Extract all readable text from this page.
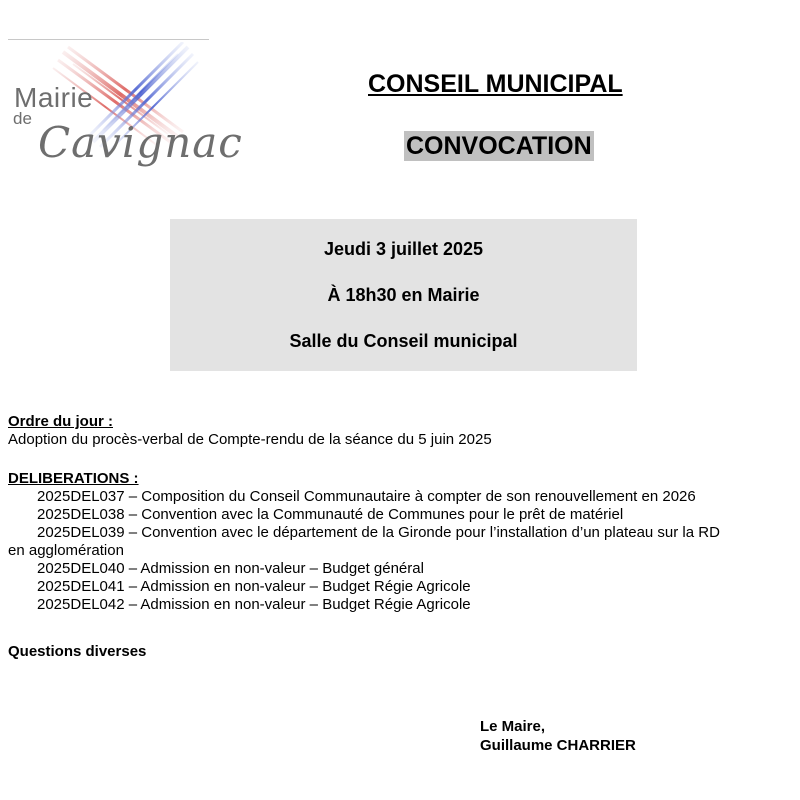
Mairie
de Cavignac
CONSEIL MUNICIPAL
CONVOCATION
Jeudi 3 juillet 2025
À 18h30 en Mairie
Salle du Conseil municipal
Ordre du jour :
Adoption du procès-verbal de Compte-rendu de la séance du 5 juin 2025
DELIBERATIONS :
2025DEL037 – Composition du Conseil Communautaire à compter de son renouvellement en 2026
2025DEL038 – Convention avec la Communauté de Communes pour le prêt de matériel
2025DEL039 – Convention avec le département de la Gironde pour l’installation d’un plateau sur la RD
en agglomération
2025DEL040 – Admission en non-valeur – Budget général
2025DEL041 – Admission en non-valeur – Budget Régie Agricole
2025DEL042 – Admission en non-valeur – Budget Régie Agricole
Questions diverses
Le Maire,
Guillaume CHARRIER
